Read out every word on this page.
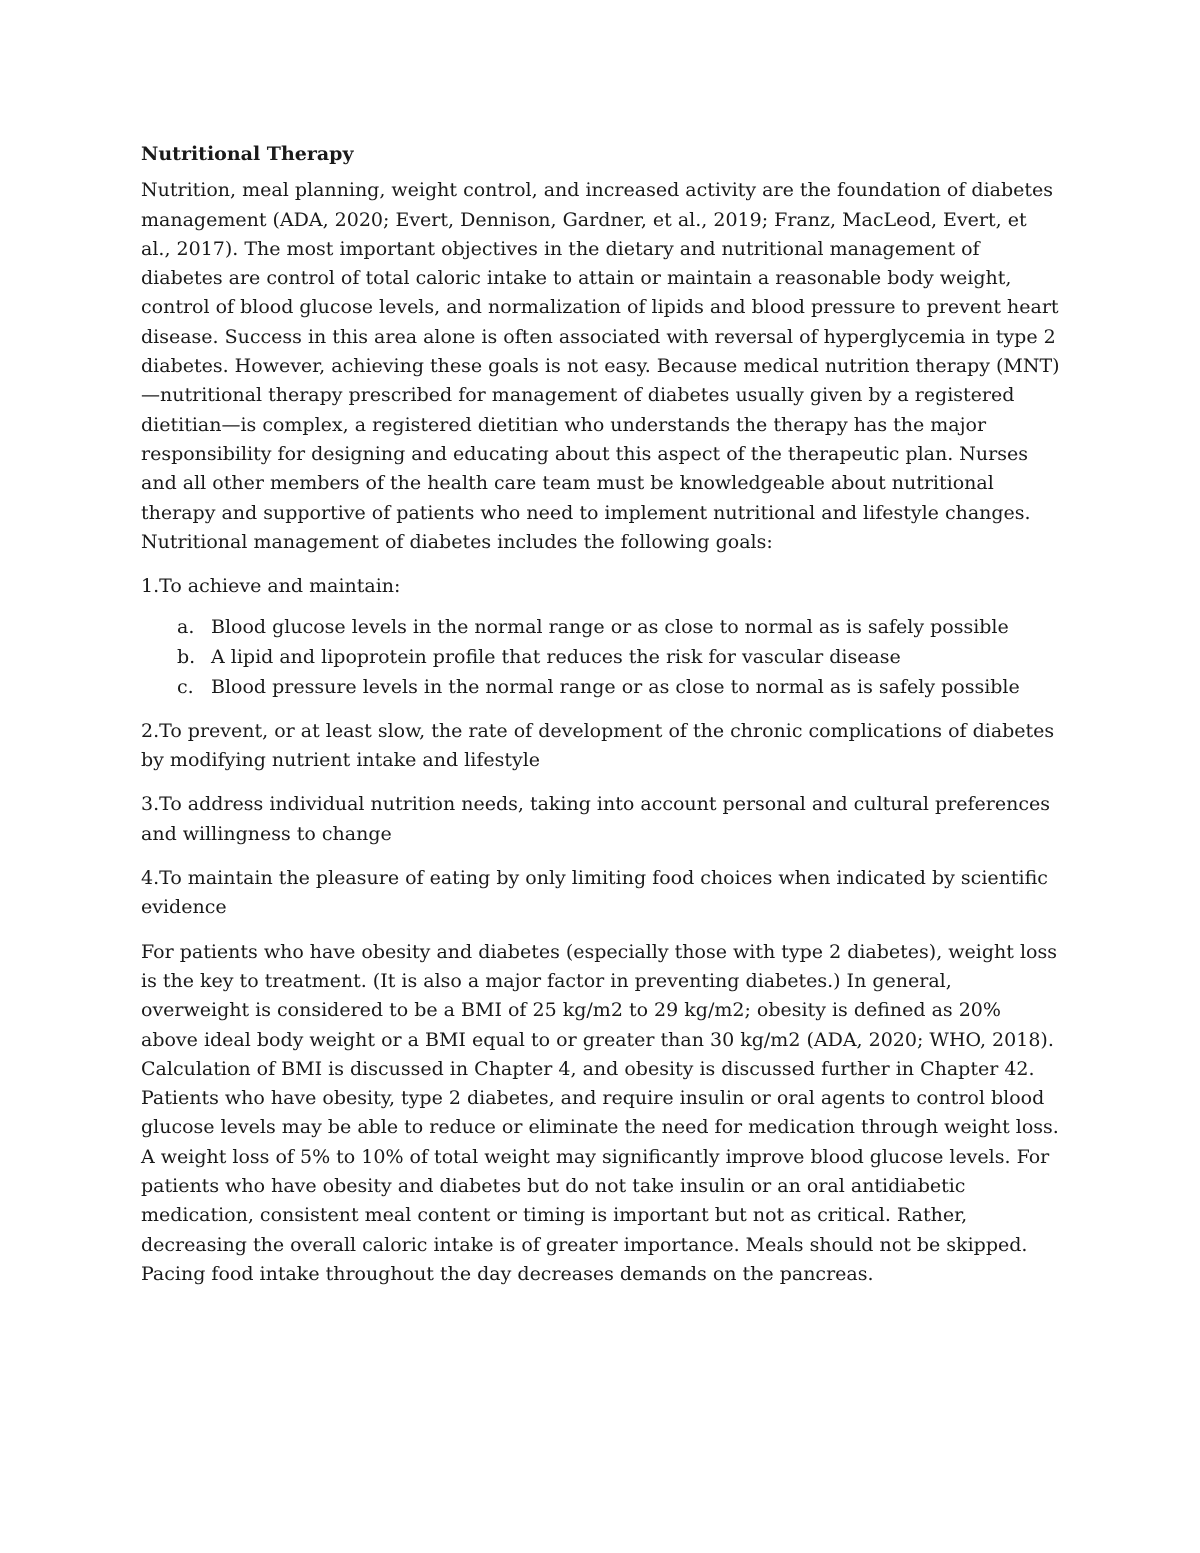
Nutritional Therapy

Nutrition, meal planning, weight control, and increased activity are the foundation of diabetes management (ADA, 2020; Evert, Dennison, Gardner, et al., 2019; Franz, MacLeod, Evert, et al., 2017). The most important objectives in the dietary and nutritional management of diabetes are control of total caloric intake to attain or maintain a reasonable body weight, control of blood glucose levels, and normalization of lipids and blood pressure to prevent heart disease. Success in this area alone is often associated with reversal of hyperglycemia in type 2 diabetes. However, achieving these goals is not easy. Because medical nutrition therapy (MNT)—nutritional therapy prescribed for management of diabetes usually given by a registered dietitian—is complex, a registered dietitian who understands the therapy has the major responsibility for designing and educating about this aspect of the therapeutic plan. Nurses and all other members of the health care team must be knowledgeable about nutritional therapy and supportive of patients who need to implement nutritional and lifestyle changes. Nutritional management of diabetes includes the following goals:

1.To achieve and maintain:

a. Blood glucose levels in the normal range or as close to normal as is safely possible
b. A lipid and lipoprotein profile that reduces the risk for vascular disease
c. Blood pressure levels in the normal range or as close to normal as is safely possible

2.To prevent, or at least slow, the rate of development of the chronic complications of diabetes by modifying nutrient intake and lifestyle

3.To address individual nutrition needs, taking into account personal and cultural preferences and willingness to change

4.To maintain the pleasure of eating by only limiting food choices when indicated by scientific evidence

For patients who have obesity and diabetes (especially those with type 2 diabetes), weight loss is the key to treatment. (It is also a major factor in preventing diabetes.) In general, overweight is considered to be a BMI of 25 kg/m2 to 29 kg/m2; obesity is defined as 20% above ideal body weight or a BMI equal to or greater than 30 kg/m2 (ADA, 2020; WHO, 2018). Calculation of BMI is discussed in Chapter 4, and obesity is discussed further in Chapter 42. Patients who have obesity, type 2 diabetes, and require insulin or oral agents to control blood glucose levels may be able to reduce or eliminate the need for medication through weight loss. A weight loss of 5% to 10% of total weight may significantly improve blood glucose levels. For patients who have obesity and diabetes but do not take insulin or an oral antidiabetic medication, consistent meal content or timing is important but not as critical. Rather, decreasing the overall caloric intake is of greater importance. Meals should not be skipped. Pacing food intake throughout the day decreases demands on the pancreas.
